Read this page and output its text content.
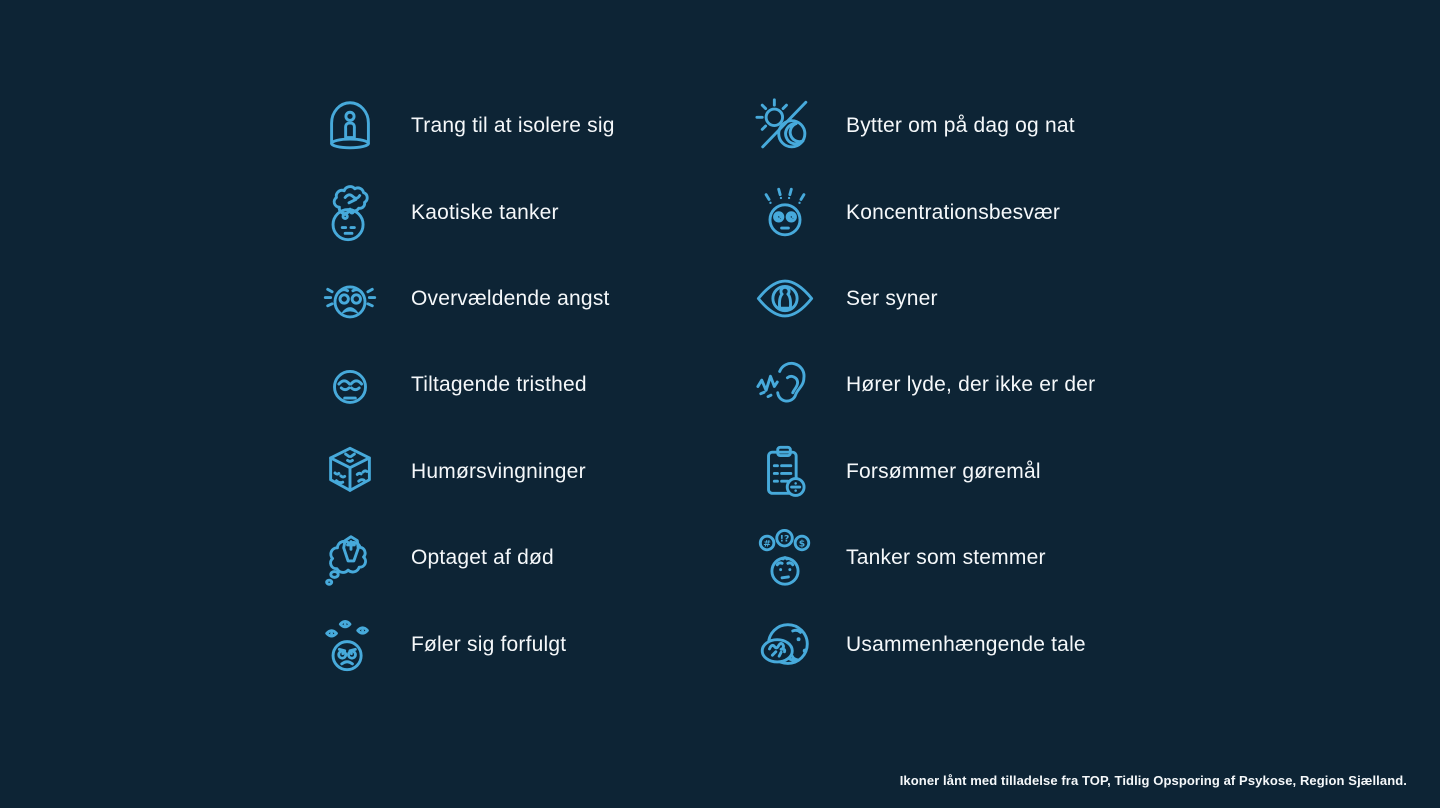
Trang til at isolere sig
Kaotiske tanker
Overvældende angst
Tiltagende tristhed
Humørsvingninger
Optaget af død
Føler sig forfulgt
Bytter om på dag og nat
Koncentrationsbesvær
Ser syner
Hører lyde, der ikke er der
Forsømmer gøremål
# !? $
Tanker som stemmer
Usammenhængende tale
Ikoner lånt med tilladelse fra TOP, Tidlig Opsporing af Psykose, Region Sjælland.
